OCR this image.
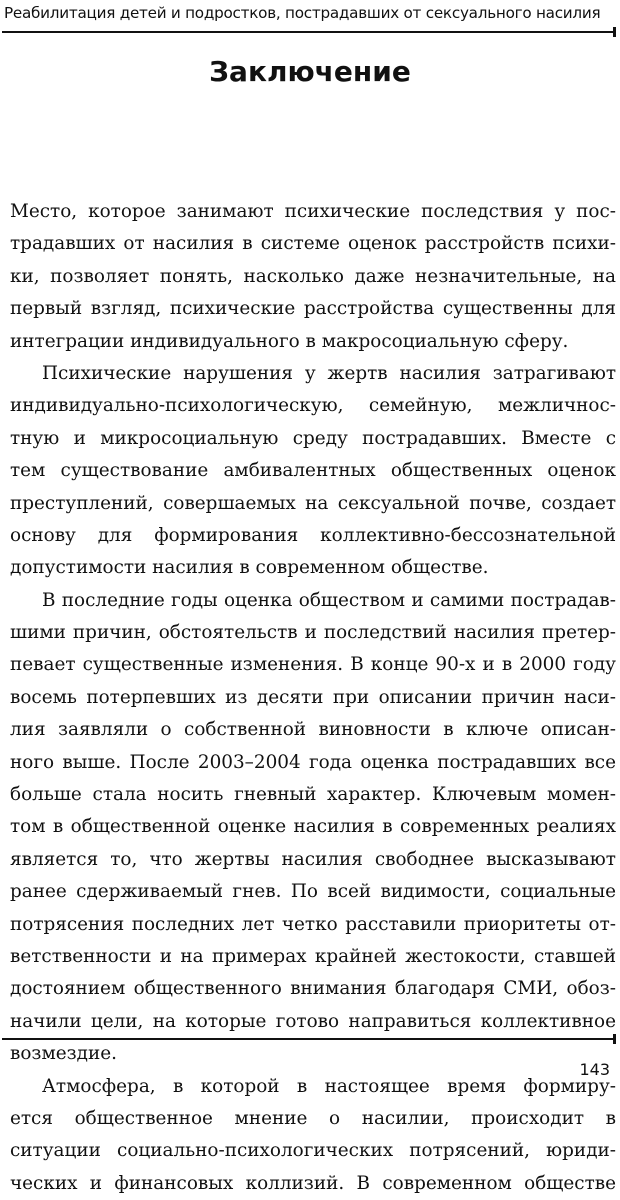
Реабилитация детей и подростков, пострадавших от сексуального насилия
Заключение
Место, которое занимают психические последствия у пос-
традавших от насилия в системе оценок расстройств психи-
ки, позволяет понять, насколько даже незначительные, на
первый взгляд, психические расстройства существенны для
интеграции индивидуального в макросоциальную сферу.
Психические нарушения у жертв насилия затрагивают
индивидуально-психологическую, семейную, межличнос-
тную и микросоциальную среду пострадавших. Вместе с
тем существование амбивалентных общественных оценок
преступлений, совершаемых на сексуальной почве, создает
основу для формирования коллективно-бессознательной
допустимости насилия в современном обществе.
В последние годы оценка обществом и самими пострадав-
шими причин, обстоятельств и последствий насилия претер-
певает существенные изменения. В конце 90-х и в 2000 году
восемь потерпевших из десяти при описании причин наси-
лия заявляли о собственной виновности в ключе описан-
ного выше. После 2003–2004 года оценка пострадавших все
больше стала носить гневный характер. Ключевым момен-
том в общественной оценке насилия в современных реалиях
является то, что жертвы насилия свободнее высказывают
ранее сдерживаемый гнев. По всей видимости, социальные
потрясения последних лет четко расставили приоритеты от-
ветственности и на примерах крайней жестокости, ставшей
достоянием общественного внимания благодаря СМИ, обоз-
начили цели, на которые готово направиться коллективное
возмездие.
Атмосфера, в которой в настоящее время формиру-
ется общественное мнение о насилии, происходит в
ситуации социально-психологических потрясений, юриди-
ческих и финансовых коллизий. В современном обществе
143
